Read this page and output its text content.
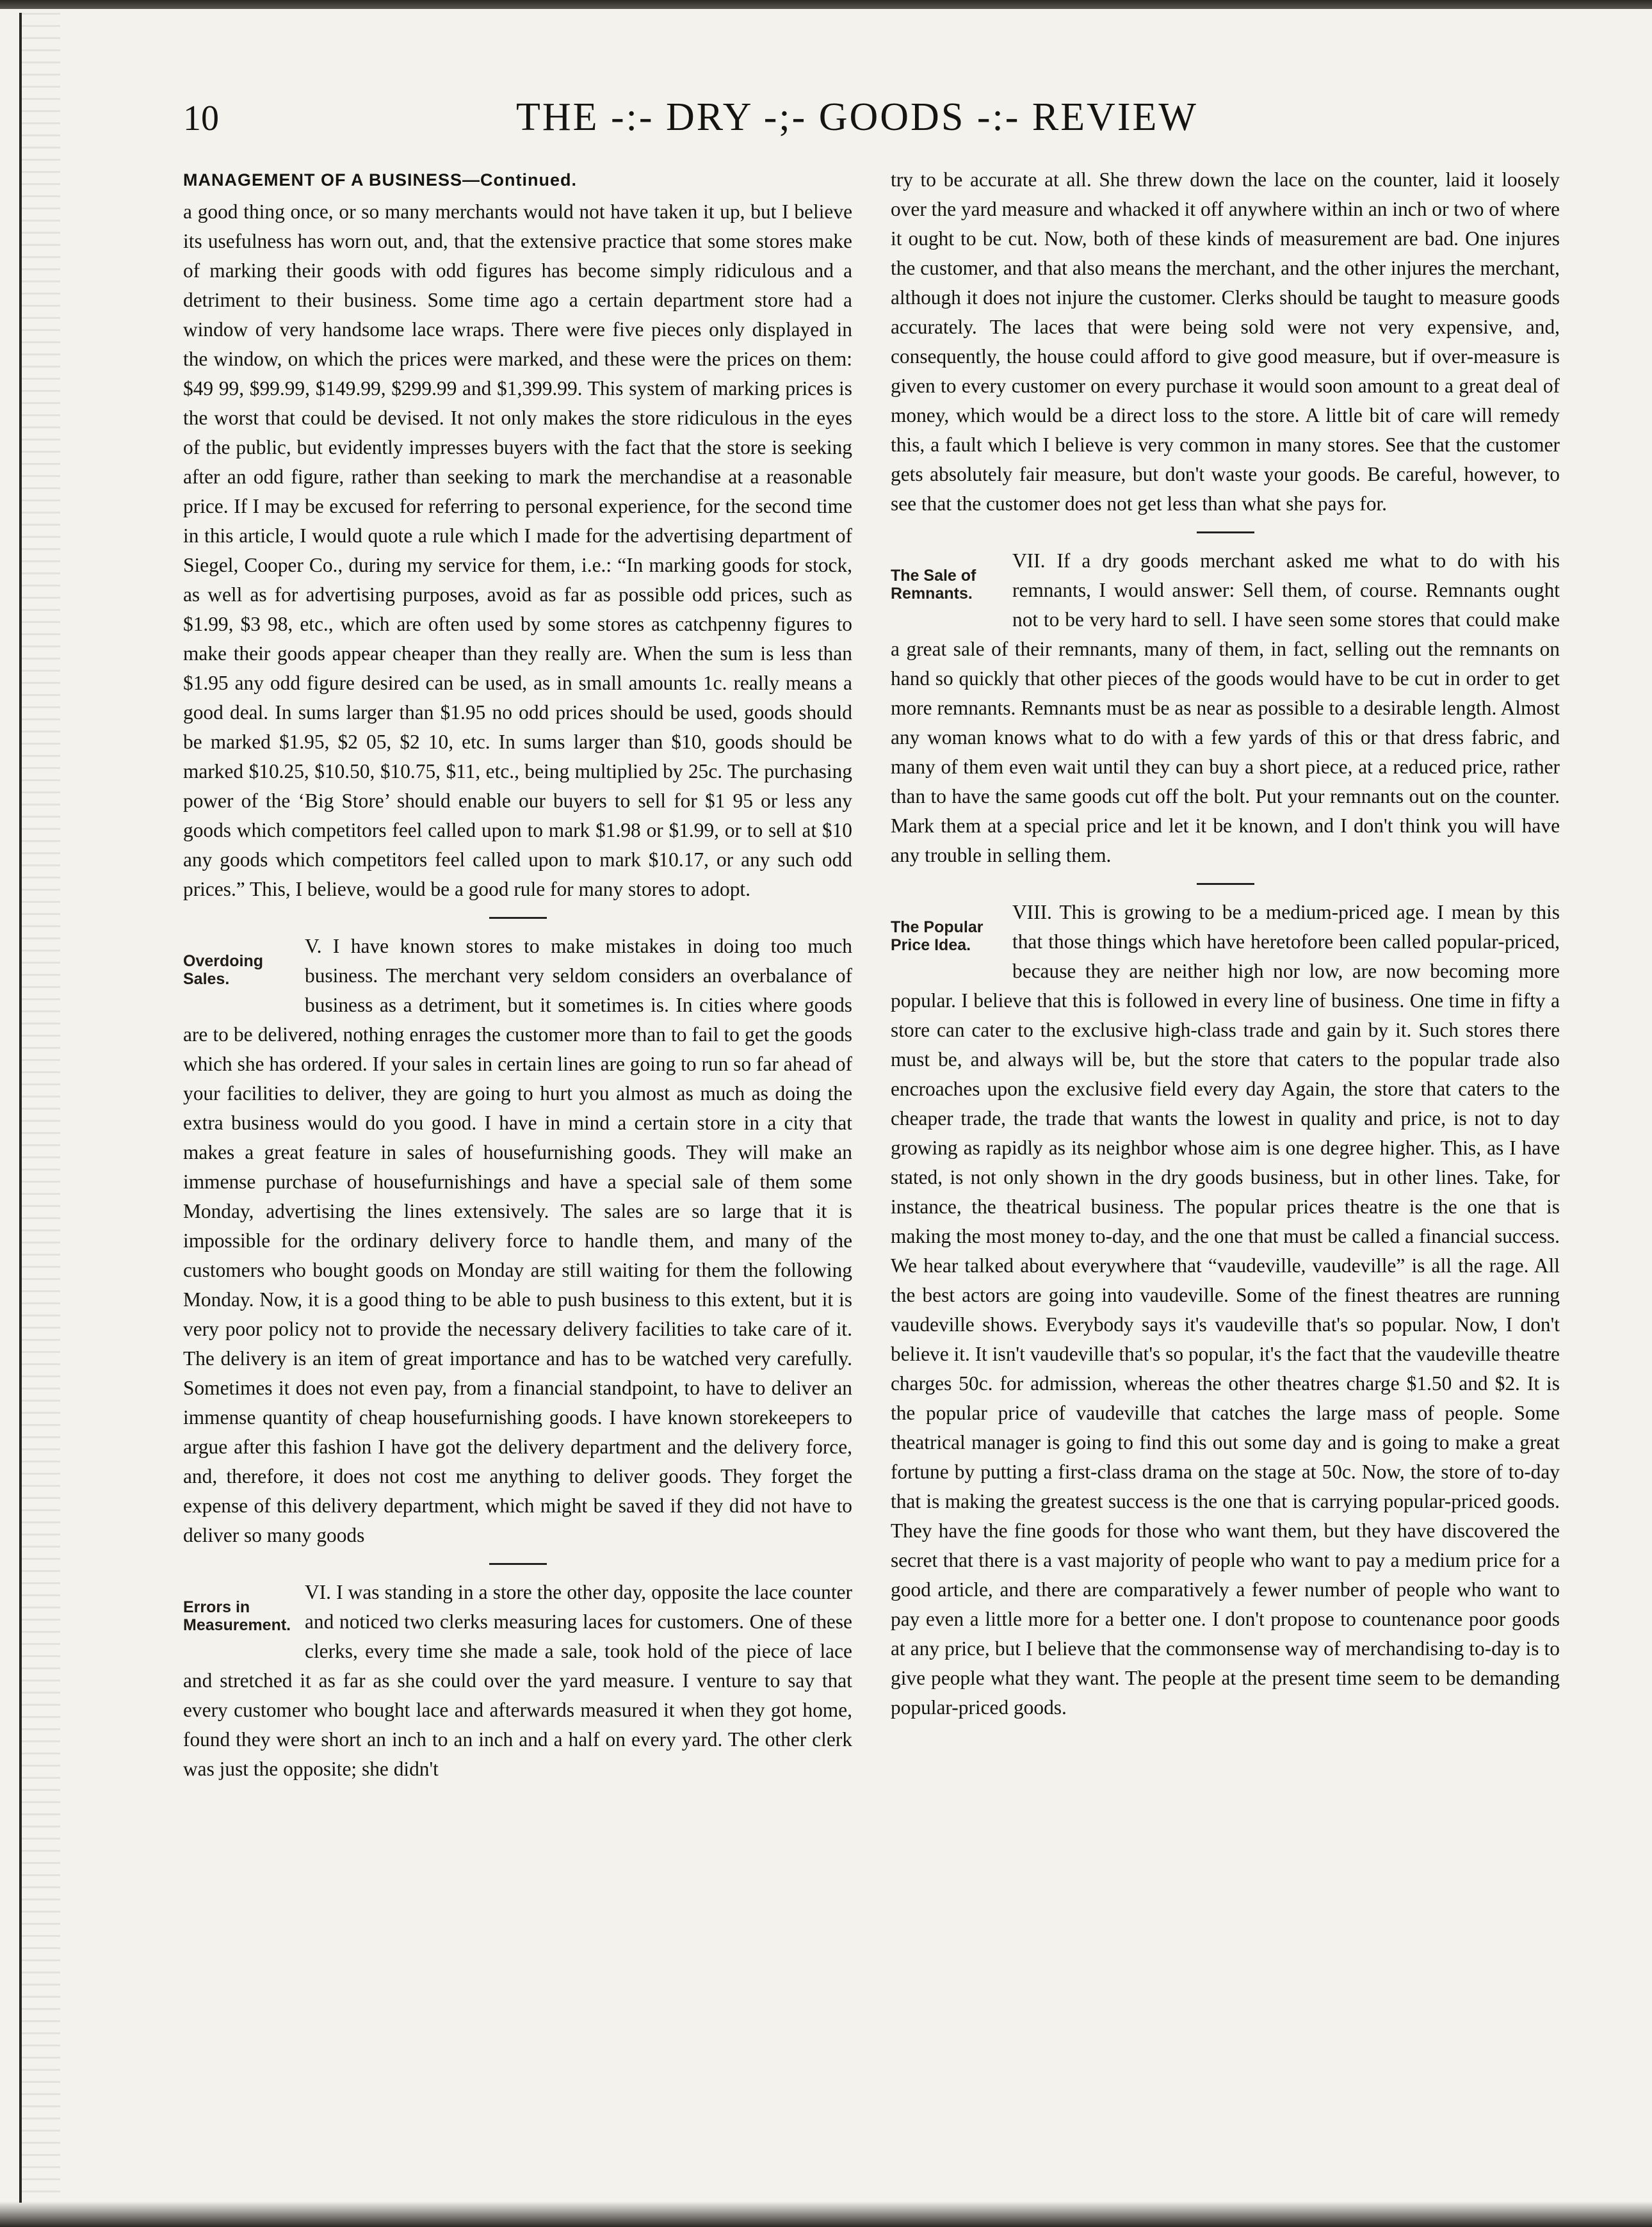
10	THE -:- DRY -;- GOODS -:- REVIEW
MANAGEMENT OF A BUSINESS—Continued.

a good thing once, or so many merchants would not have taken it up, but I believe its usefulness has worn out, and, that the extensive practice that some stores make of marking their goods with odd figures has become simply ridiculous and a detriment to their business. Some time ago a certain department store had a window of very handsome lace wraps. There were five pieces only displayed in the window, on which the prices were marked, and these were the prices on them: $49 99, $99.99, $149.99, $299.99 and $1,399.99. This system of marking prices is the worst that could be devised. It not only makes the store ridiculous in the eyes of the public, but evidently impresses buyers with the fact that the store is seeking after an odd figure, rather than seeking to mark the merchandise at a reasonable price. If I may be excused for referring to personal experience, for the second time in this article, I would quote a rule which I made for the advertising department of Siegel, Cooper Co., during my service for them, i.e.: “In marking goods for stock, as well as for advertising purposes, avoid as far as possible odd prices, such as $1.99, $3 98, etc., which are often used by some stores as catchpenny figures to make their goods appear cheaper than they really are. When the sum is less than $1.95 any odd figure desired can be used, as in small amounts 1c. really means a good deal. In sums larger than $1.95 no odd prices should be used, goods should be marked $1.95, $2 05, $2 10, etc. In sums larger than $10, goods should be marked $10.25, $10.50, $10.75, $11, etc., being multiplied by 25c. The purchasing power of the ‘Big Store’ should enable our buyers to sell for $1 95 or less any goods which competitors feel called upon to mark $1.98 or $1.99, or to sell at $10 any goods which competitors feel called upon to mark $10.17, or any such odd prices.” This, I believe, would be a good rule for many stores to adopt.

Overdoing
Sales.

V. I have known stores to make mistakes in doing too much business. The merchant very seldom considers an overbalance of business as a detriment, but it sometimes is. In cities where goods are to be delivered, nothing enrages the customer more than to fail to get the goods which she has ordered. If your sales in certain lines are going to run so far ahead of your facilities to deliver, they are going to hurt you almost as much as doing the extra business would do you good. I have in mind a certain store in a city that makes a great feature in sales of housefurnishing goods. They will make an immense purchase of housefurnishings and have a special sale of them some Monday, advertising the lines extensively. The sales are so large that it is impossible for the ordinary delivery force to handle them, and many of the customers who bought goods on Monday are still waiting for them the following Monday. Now, it is a good thing to be able to push business to this extent, but it is very poor policy not to provide the necessary delivery facilities to take care of it. The delivery is an item of great importance and has to be watched very carefully. Sometimes it does not even pay, from a financial standpoint, to have to deliver an immense quantity of cheap housefurnishing goods. I have known storekeepers to argue after this fashion I have got the delivery department and the delivery force, and, therefore, it does not cost me anything to deliver goods. They forget the expense of this delivery department, which might be saved if they did not have to deliver so many goods

Errors in
Measurement.

VI. I was standing in a store the other day, opposite the lace counter and noticed two clerks measuring laces for customers. One of these clerks, every time she made a sale, took hold of the piece of lace and stretched it as far as she could over the yard measure. I venture to say that every customer who bought lace and afterwards measured it when they got home, found they were short an inch to an inch and a half on every yard. The other clerk was just the opposite; she didn't

try to be accurate at all. She threw down the lace on the counter, laid it loosely over the yard measure and whacked it off anywhere within an inch or two of where it ought to be cut. Now, both of these kinds of measurement are bad. One injures the customer, and that also means the merchant, and the other injures the merchant, although it does not injure the customer. Clerks should be taught to measure goods accurately. The laces that were being sold were not very expensive, and, consequently, the house could afford to give good measure, but if over-measure is given to every customer on every purchase it would soon amount to a great deal of money, which would be a direct loss to the store. A little bit of care will remedy this, a fault which I believe is very common in many stores. See that the customer gets absolutely fair measure, but don't waste your goods. Be careful, however, to see that the customer does not get less than what she pays for.

The Sale of
Remnants.

VII. If a dry goods merchant asked me what to do with his remnants, I would answer: Sell them, of course. Remnants ought not to be very hard to sell. I have seen some stores that could make a great sale of their remnants, many of them, in fact, selling out the remnants on hand so quickly that other pieces of the goods would have to be cut in order to get more remnants. Remnants must be as near as possible to a desirable length. Almost any woman knows what to do with a few yards of this or that dress fabric, and many of them even wait until they can buy a short piece, at a reduced price, rather than to have the same goods cut off the bolt. Put your remnants out on the counter. Mark them at a special price and let it be known, and I don't think you will have any trouble in selling them.

The Popular
Price Idea.

VIII. This is growing to be a medium-priced age. I mean by this that those things which have heretofore been called popular-priced, because they are neither high nor low, are now becoming more popular. I believe that this is followed in every line of business. One time in fifty a store can cater to the exclusive high-class trade and gain by it. Such stores there must be, and always will be, but the store that caters to the popular trade also encroaches upon the exclusive field every day Again, the store that caters to the cheaper trade, the trade that wants the lowest in quality and price, is not to day growing as rapidly as its neighbor whose aim is one degree higher. This, as I have stated, is not only shown in the dry goods business, but in other lines. Take, for instance, the theatrical business. The popular prices theatre is the one that is making the most money to-day, and the one that must be called a financial success. We hear talked about everywhere that “vaudeville, vaudeville” is all the rage. All the best actors are going into vaudeville. Some of the finest theatres are running vaudeville shows. Everybody says it's vaudeville that's so popular. Now, I don't believe it. It isn't vaudeville that's so popular, it's the fact that the vaudeville theatre charges 50c. for admission, whereas the other theatres charge $1.50 and $2. It is the popular price of vaudeville that catches the large mass of people. Some theatrical manager is going to find this out some day and is going to make a great fortune by putting a first-class drama on the stage at 50c. Now, the store of to-day that is making the greatest success is the one that is carrying popular-priced goods. They have the fine goods for those who want them, but they have discovered the secret that there is a vast majority of people who want to pay a medium price for a good article, and there are comparatively a fewer number of people who want to pay even a little more for a better one. I don't propose to countenance poor goods at any price, but I believe that the commonsense way of merchandising to-day is to give people what they want. The people at the present time seem to be demanding popular-priced goods.
